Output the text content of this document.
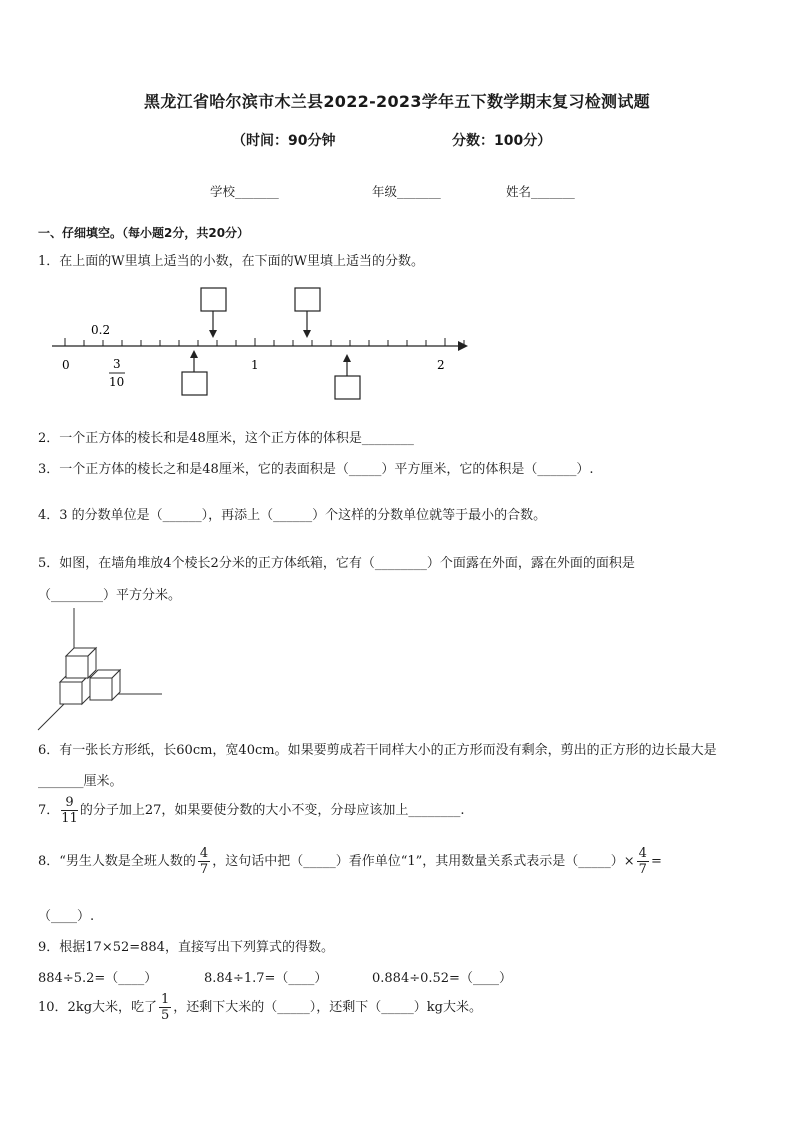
黑龙江省哈尔滨市木兰县2022-2023学年五下数学期末复习检测试题
（时间：90分钟	分数：100分）
学校_______	年级_______	姓名_______
一、仔细填空。（每小题2分，共20分）
1．在上面的W里填上适当的小数，在下面的W里填上适当的分数。
0
0.2
1	2
3
10
2．一个正方体的棱长和是48厘米，这个正方体的体积是________
3．一个正方体的棱长之和是48厘米，它的表面积是（_____）平方厘米，它的体积是（______）.
4．3 的分数单位是（______），再添上（______）个这样的分数单位就等于最小的合数。
5．如图，在墙角堆放4个棱长2分米的正方体纸箱，它有（________）个面露在外面，露在外面的面积是
（________）平方分米。
6．有一张长方形纸，长60cm，宽40cm。如果要剪成若干同样大小的正方形而没有剩余，剪出的正方形的边长最大是
_______厘米。
7． $\frac{9}{11}$ 的分子加上27，如果要使分数的大小不变，分母应该加上________.
8．“男生人数是全班人数的 $\frac{4}{7}$ ，这句话中把（_____）看作单位“1”，其用数量关系式表示是（_____）× $\frac{4}{7}$ =
（____）.
9．根据17×52=884，直接写出下列算式的得数。
884÷5.2=（____）	8.84÷1.7=（____）	0.884÷0.52=（____）
10．2kg大米，吃了 $\frac{1}{5}$ ，还剩下大米的（_____），还剩下（_____）kg大米。
